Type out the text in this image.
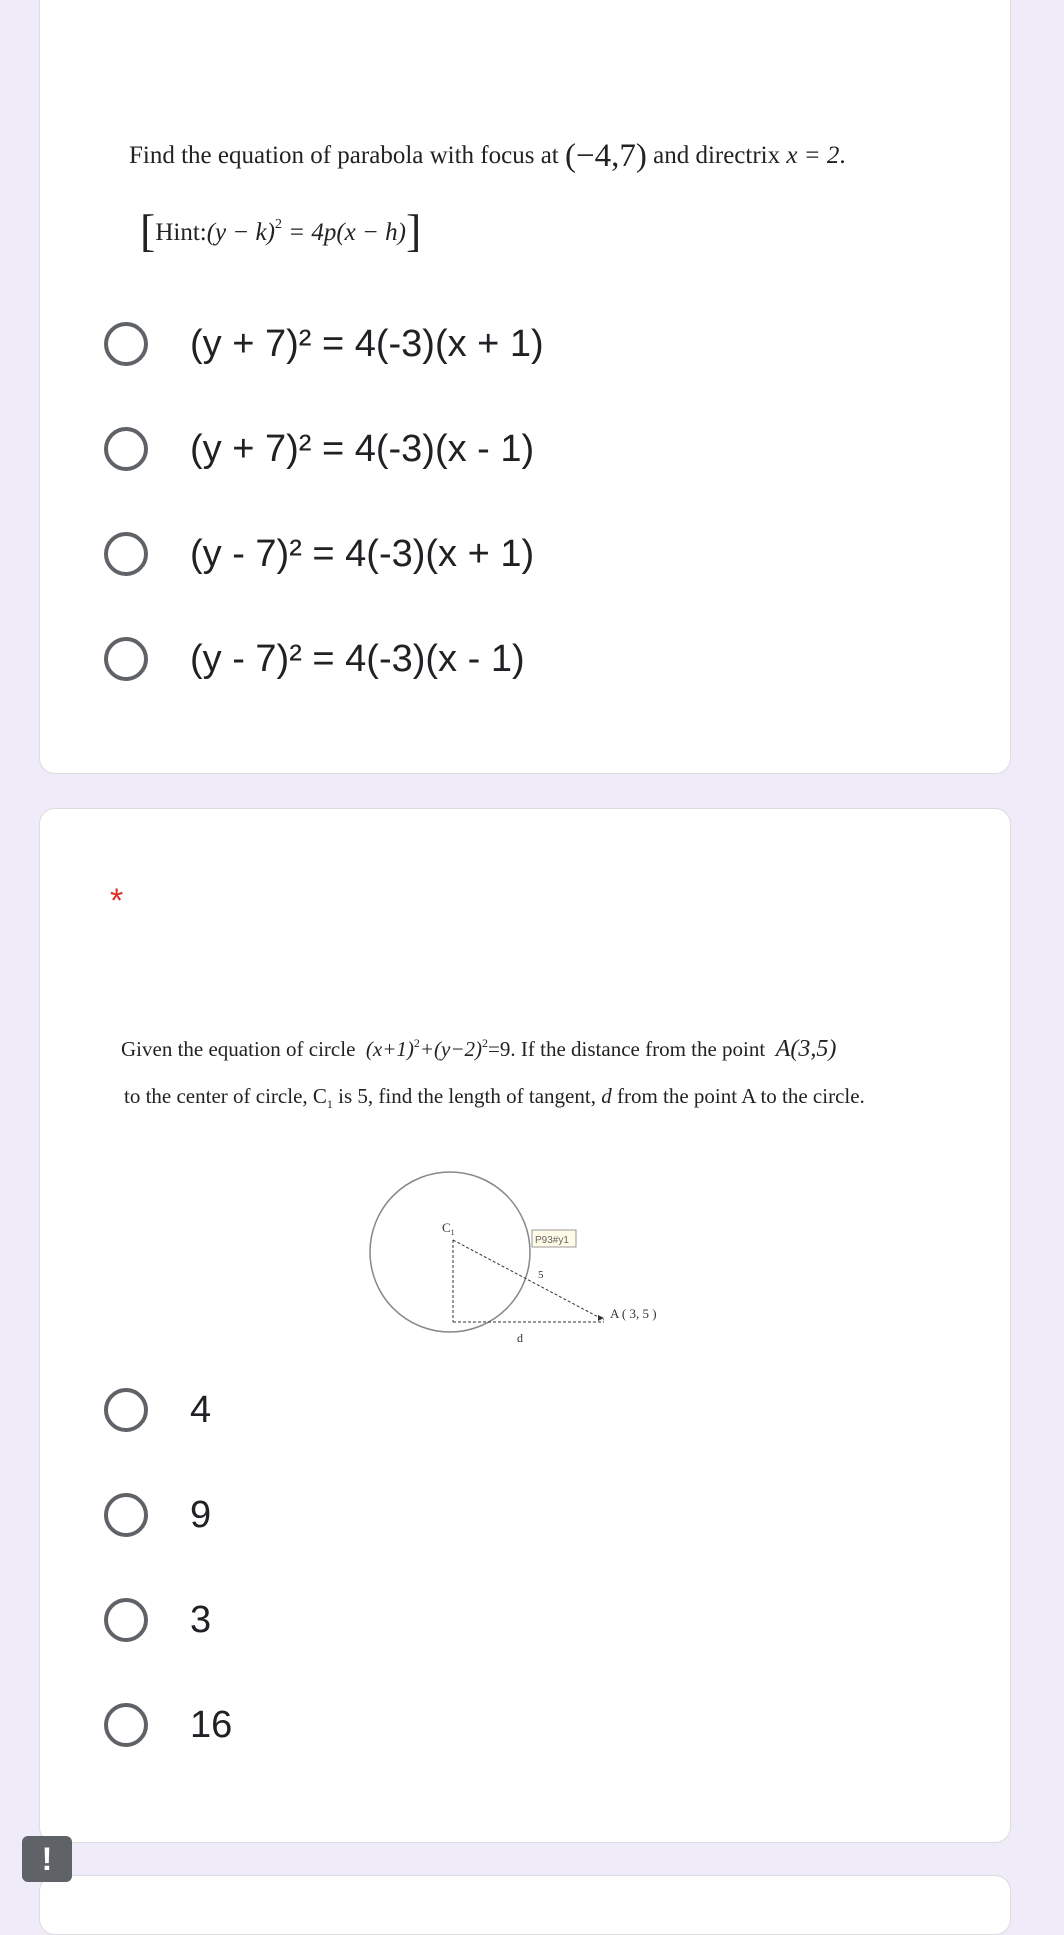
Find the equation of parabola with focus at (−4,7) and directrix x = 2.
[Hint:(y − k)$^2$ = 4p(x − h)]
(y + 7)² = 4(-3)(x + 1)
(y + 7)² = 4(-3)(x - 1)
(y - 7)² = 4(-3)(x + 1)
(y - 7)² = 4(-3)(x - 1)
*
Given the equation of circle $(x+1)^2+(y-2)^2=9$. If the distance from the point A(3,5)
to the center of circle, $C_1$ is 5, find the length of tangent, d from the point A to the circle.
$C_1$
P93#y1
5
A ( 3, 5 )
d
4
9
3
16
!
